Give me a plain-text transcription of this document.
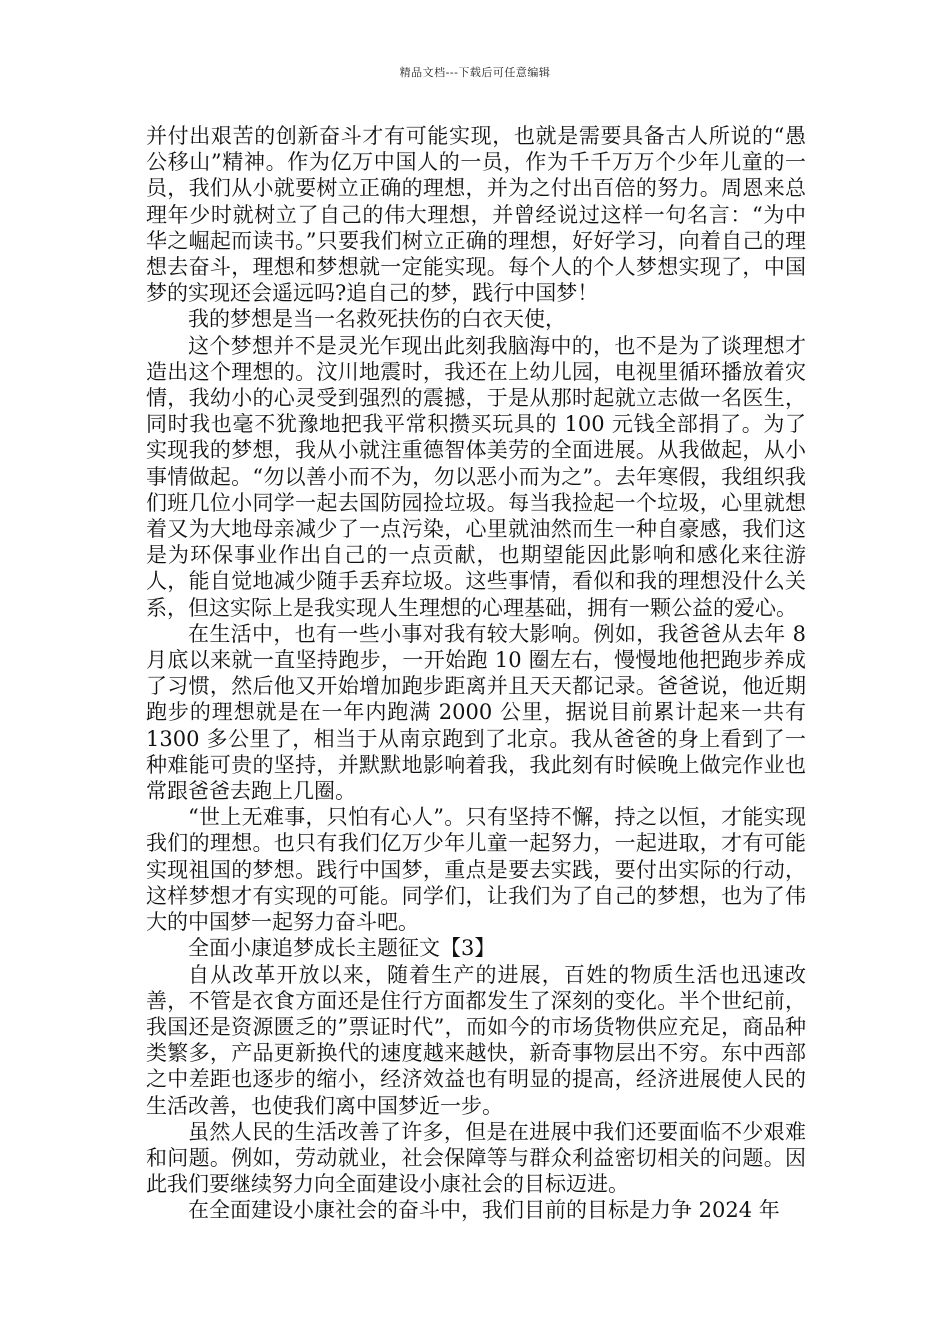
精品文档---下载后可任意编辑

并付出艰苦的创新奋斗才有可能实现，也就是需要具备古人所说的“愚公移山”精神。作为亿万中国人的一员，作为千千万万个少年儿童的一员，我们从小就要树立正确的理想，并为之付出百倍的努力。周恩来总理年少时就树立了自己的伟大理想，并曾经说过这样一句名言：“为中华之崛起而读书。”只要我们树立正确的理想，好好学习，向着自己的理想去奋斗，理想和梦想就一定能实现。每个人的个人梦想实现了，中国梦的实现还会遥远吗?追自己的梦，践行中国梦！

我的梦想是当一名救死扶伤的白衣天使，

这个梦想并不是灵光乍现出此刻我脑海中的，也不是为了谈理想才造出这个理想的。汶川地震时，我还在上幼儿园，电视里循环播放着灾情，我幼小的心灵受到强烈的震撼，于是从那时起就立志做一名医生，同时我也毫不犹豫地把我平常积攒买玩具的 100 元钱全部捐了。为了实现我的梦想，我从小就注重德智体美劳的全面进展。从我做起，从小事情做起。“勿以善小而不为，勿以恶小而为之”。去年寒假，我组织我们班几位小同学一起去国防园捡垃圾。每当我捡起一个垃圾，心里就想着又为大地母亲减少了一点污染，心里就油然而生一种自豪感，我们这是为环保事业作出自己的一点贡献，也期望能因此影响和感化来往游人，能自觉地减少随手丢弃垃圾。这些事情，看似和我的理想没什么关系，但这实际上是我实现人生理想的心理基础，拥有一颗公益的爱心。

在生活中，也有一些小事对我有较大影响。例如，我爸爸从去年 8 月底以来就一直坚持跑步，一开始跑 10 圈左右，慢慢地他把跑步养成了习惯，然后他又开始增加跑步距离并且天天都记录。爸爸说，他近期跑步的理想就是在一年内跑满 2000 公里，据说目前累计起来一共有 1300 多公里了，相当于从南京跑到了北京。我从爸爸的身上看到了一种难能可贵的坚持，并默默地影响着我，我此刻有时候晚上做完作业也常跟爸爸去跑上几圈。

“世上无难事，只怕有心人”。只有坚持不懈，持之以恒，才能实现我们的理想。也只有我们亿万少年儿童一起努力，一起进取，才有可能实现祖国的梦想。践行中国梦，重点是要去实践，要付出实际的行动，这样梦想才有实现的可能。同学们，让我们为了自己的梦想，也为了伟大的中国梦一起努力奋斗吧。

全面小康追梦成长主题征文【3】

自从改革开放以来，随着生产的进展，百姓的物质生活也迅速改善，不管是衣食方面还是住行方面都发生了深刻的变化。半个世纪前，我国还是资源匮乏的”票证时代”，而如今的市场货物供应充足，商品种类繁多，产品更新换代的速度越来越快，新奇事物层出不穷。东中西部之中差距也逐步的缩小，经济效益也有明显的提高，经济进展使人民的生活改善，也使我们离中国梦近一步。

虽然人民的生活改善了许多，但是在进展中我们还要面临不少艰难和问题。例如，劳动就业，社会保障等与群众利益密切相关的问题。因此我们要继续努力向全面建设小康社会的目标迈进。

在全面建设小康社会的奋斗中，我们目前的目标是力争 2024 年
